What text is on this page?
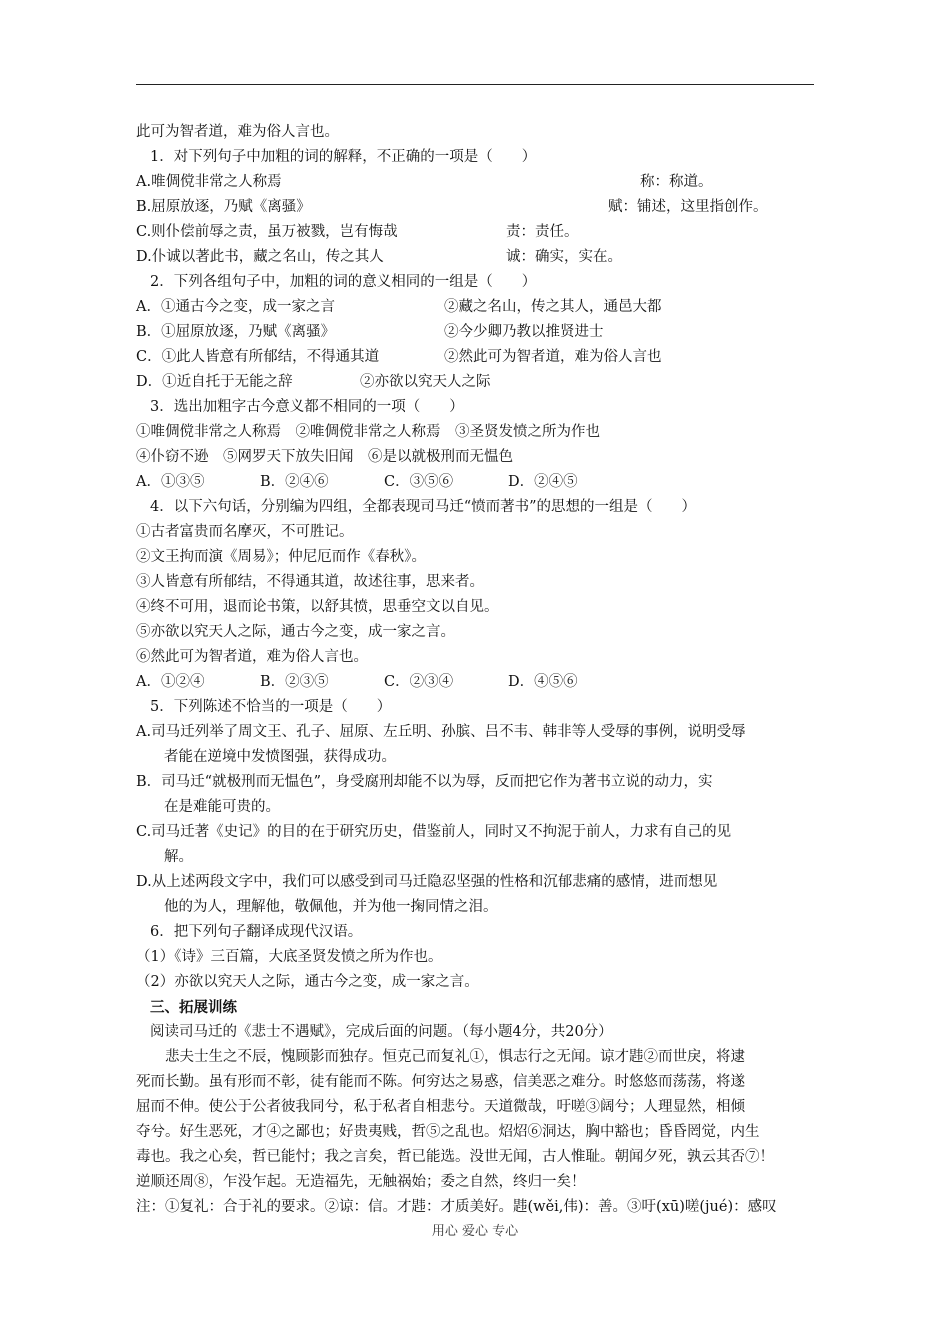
此可为智者道，难为俗人言也。
1．对下列句子中加粗的词的解释，不正确的一项是（　　）
A.唯倜傥非常之人称焉	称：称道。
B.屈原放逐，乃赋《离骚》	赋：铺述，这里指创作。
C.则仆偿前辱之责，虽万被戮，岂有悔哉	责：责任。
D.仆诚以著此书，藏之名山，传之其人	诚：确实，实在。
2．下列各组句子中，加粗的词的意义相同的一组是（　　）
A．①通古今之变，成一家之言	②藏之名山，传之其人，通邑大都
B．①屈原放逐，乃赋《离骚》	②今少卿乃教以推贤进士
C．①此人皆意有所郁结，不得通其道	②然此可为智者道，难为俗人言也
D．①近自托于无能之辞	②亦欲以究天人之际
3．选出加粗字古今意义都不相同的一项（　　）
①唯倜傥非常之人称焉　②唯倜傥非常之人称焉　③圣贤发愤之所为作也
④仆窃不逊　⑤网罗天下放失旧闻　⑥是以就极刑而无愠色
A．①③⑤	B．②④⑥	C．③⑤⑥	D．②④⑤
4．以下六句话，分别编为四组，全都表现司马迁“愤而著书”的思想的一组是（　　）
①古者富贵而名摩灭，不可胜记。
②文王拘而演《周易》；仲尼厄而作《春秋》。
③人皆意有所郁结，不得通其道，故述往事，思来者。
④终不可用，退而论书策，以舒其愤，思垂空文以自见。
⑤亦欲以究天人之际，通古今之变，成一家之言。
⑥然此可为智者道，难为俗人言也。
A．①②④	B．②③⑤	C．②③④	D．④⑤⑥
5．下列陈述不恰当的一项是（　　）
A.司马迁列举了周文王、孔子、屈原、左丘明、孙膑、吕不韦、韩非等人受辱的事例，说明受辱
者能在逆境中发愤图强，获得成功。
B．司马迁“就极刑而无愠色”，身受腐刑却能不以为辱，反而把它作为著书立说的动力，实
在是难能可贵的。
C.司马迁著《史记》的目的在于研究历史，借鉴前人，同时又不拘泥于前人，力求有自己的见
解。
D.从上述两段文字中，我们可以感受到司马迁隐忍坚强的性格和沉郁悲痛的感情，进而想见
他的为人，理解他，敬佩他，并为他一掬同情之泪。
6．把下列句子翻译成现代汉语。
（1）《诗》三百篇，大底圣贤发愤之所为作也。
（2）亦欲以究天人之际，通古今之变，成一家之言。
三、拓展训练
阅读司马迁的《悲士不遇赋》，完成后面的问题。（每小题4分，共20分）
　　悲夫士生之不辰，愧顾影而独存。恒克己而复礼①，惧志行之无闻。谅才韪②而世戾，将逮
死而长勤。虽有形而不彰，徒有能而不陈。何穷达之易惑，信美恶之难分。时悠悠而荡荡，将遂
屈而不伸。使公于公者彼我同兮，私于私者自相悲兮。天道微哉，吁嗟③阔兮；人理显然，相倾
夺兮。好生恶死，才④之鄙也；好贵夷贱，哲⑤之乱也。炤炤⑥洞达，胸中豁也；昏昏罔觉，内生
毒也。我之心矣，哲已能忖；我之言矣，哲已能选。没世无闻，古人惟耻。朝闻夕死，孰云其否⑦！
逆顺还周⑧，乍没乍起。无造福先，无触祸始；委之自然，终归一矣！
注：①复礼：合于礼的要求。②谅：信。才韪：才质美好。韪(wěi,伟)：善。③吁(xū)嗟(jué)：感叹
用心 爱心 专心
